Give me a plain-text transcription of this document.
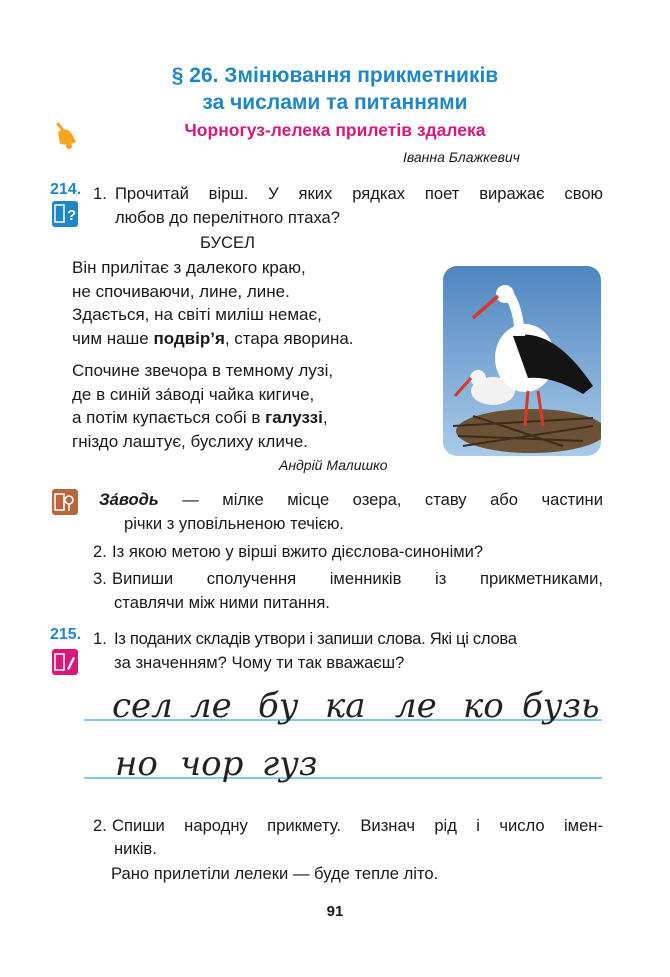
§ 26. Змінювання прикметників
за числами та питаннями
Чорногуз-лелека прилетів здалека
Іванна Блажкевич
214.
?
1. Прочитай вірш. У яких рядках поет виражає свою
любов до перелітного птаха?
БУСЕЛ
Він прилітає з далекого краю,
не спочиваючи, лине, лине.
Здається, на світі миліш немає,
чим наше подвір’я, стара яворина.
Спочине звечора в темному лузі,
де в синій за́воді чайка кигиче,
а потім купається собі в галуззі,
гніздо лаштує, буслиху кличе.
Андрій Малишко
За́водь — мілке місце озера, ставу або частини
річки з уповільненою течією.
2. Із якою метою у вірші вжито дієслова-синоніми?
3. Випиши сполучення іменників із прикметниками,
ставлячи між ними питання.
215. 1. Із поданих складів утвори і запиши слова. Які ці слова
за значенням? Чому ти так вважаєш?
сел ле бу ка ле ко бузь
но чор гуз
2. Спиши народну прикмету. Визнач рід і число імен-
ників.
Рано прилетіли лелеки — буде тепле літо.
91
